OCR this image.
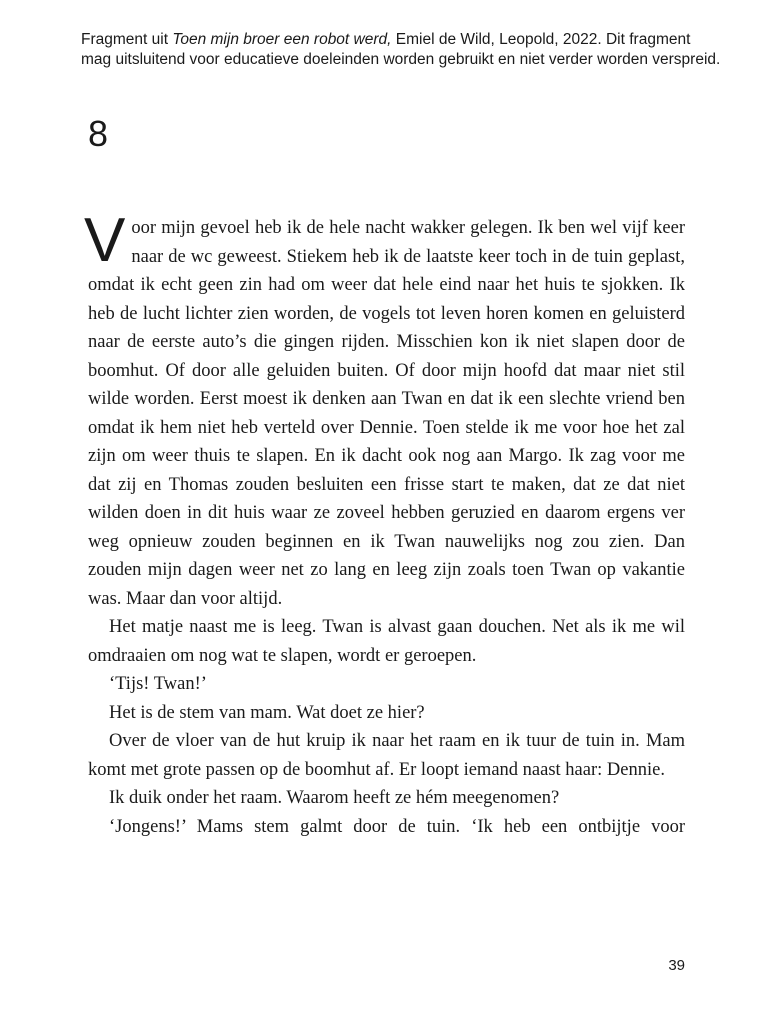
Fragment uit Toen mijn broer een robot werd, Emiel de Wild, Leopold, 2022. Dit fragment mag uitsluitend voor educatieve doeleinden worden gebruikt en niet verder worden verspreid.
8

Voor mijn gevoel heb ik de hele nacht wakker gelegen. Ik ben wel vijf keer naar de wc geweest. Stiekem heb ik de laatste keer toch in de tuin geplast, omdat ik echt geen zin had om weer dat hele eind naar het huis te sjokken. Ik heb de lucht lichter zien worden, de vogels tot leven horen komen en geluisterd naar de eerste auto’s die gingen rijden. Misschien kon ik niet slapen door de boomhut. Of door alle geluiden buiten. Of door mijn hoofd dat maar niet stil wilde worden. Eerst moest ik denken aan Twan en dat ik een slechte vriend ben omdat ik hem niet heb verteld over Dennie. Toen stelde ik me voor hoe het zal zijn om weer thuis te slapen. En ik dacht ook nog aan Margo. Ik zag voor me dat zij en Thomas zouden besluiten een frisse start te maken, dat ze dat niet wilden doen in dit huis waar ze zoveel hebben geruzied en daarom ergens ver weg opnieuw zouden beginnen en ik Twan nauwelijks nog zou zien. Dan zouden mijn dagen weer net zo lang en leeg zijn zoals toen Twan op vakantie was. Maar dan voor altijd.

Het matje naast me is leeg. Twan is alvast gaan douchen. Net als ik me wil omdraaien om nog wat te slapen, wordt er geroepen.

‘Tijs! Twan!’

Het is de stem van mam. Wat doet ze hier?

Over de vloer van de hut kruip ik naar het raam en ik tuur de tuin in. Mam komt met grote passen op de boomhut af. Er loopt iemand naast haar: Dennie.

Ik duik onder het raam. Waarom heeft ze hém meegenomen?

‘Jongens!’ Mams stem galmt door de tuin. ‘Ik heb een ontbijtje voor

39
